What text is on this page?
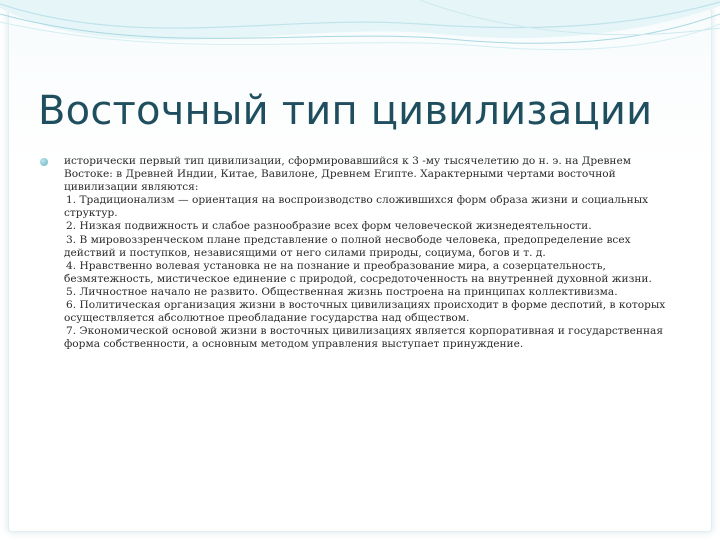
Восточный тип цивилизации

исторически первый тип цивилизации, сформировавшийся к 3 -му тысячелетию до н. э. на Древнем Востоке: в Древней Индии, Китае, Вавилоне, Древнем Египте. Характерными чертами восточной цивилизации являются:

1. Традиционализм — ориентация на воспроизводство сложившихся форм образа жизни и социальных структур.

2. Низкая подвижность и слабое разнообразие всех форм человеческой жизнедеятельности.

3. В мировоззренческом плане представление о полной несвободе человека, предопределение всех действий и поступков, независящими от него силами природы, социума, богов и т. д.

4. Нравственно волевая установка не на познание и преобразование мира, а созерцательность, безмятежность, мистическое единение с природой, сосредоточенность на внутренней духовной жизни.

5. Личностное начало не развито. Общественная жизнь построена на принципах коллективизма.

6. Политическая организация жизни в восточных цивилизациях происходит в форме деспотий, в которых осуществляется абсолютное преобладание государства над обществом.

7. Экономической основой жизни в восточных цивилизациях является корпоративная и государственная форма собственности, а основным методом управления выступает принуждение.
